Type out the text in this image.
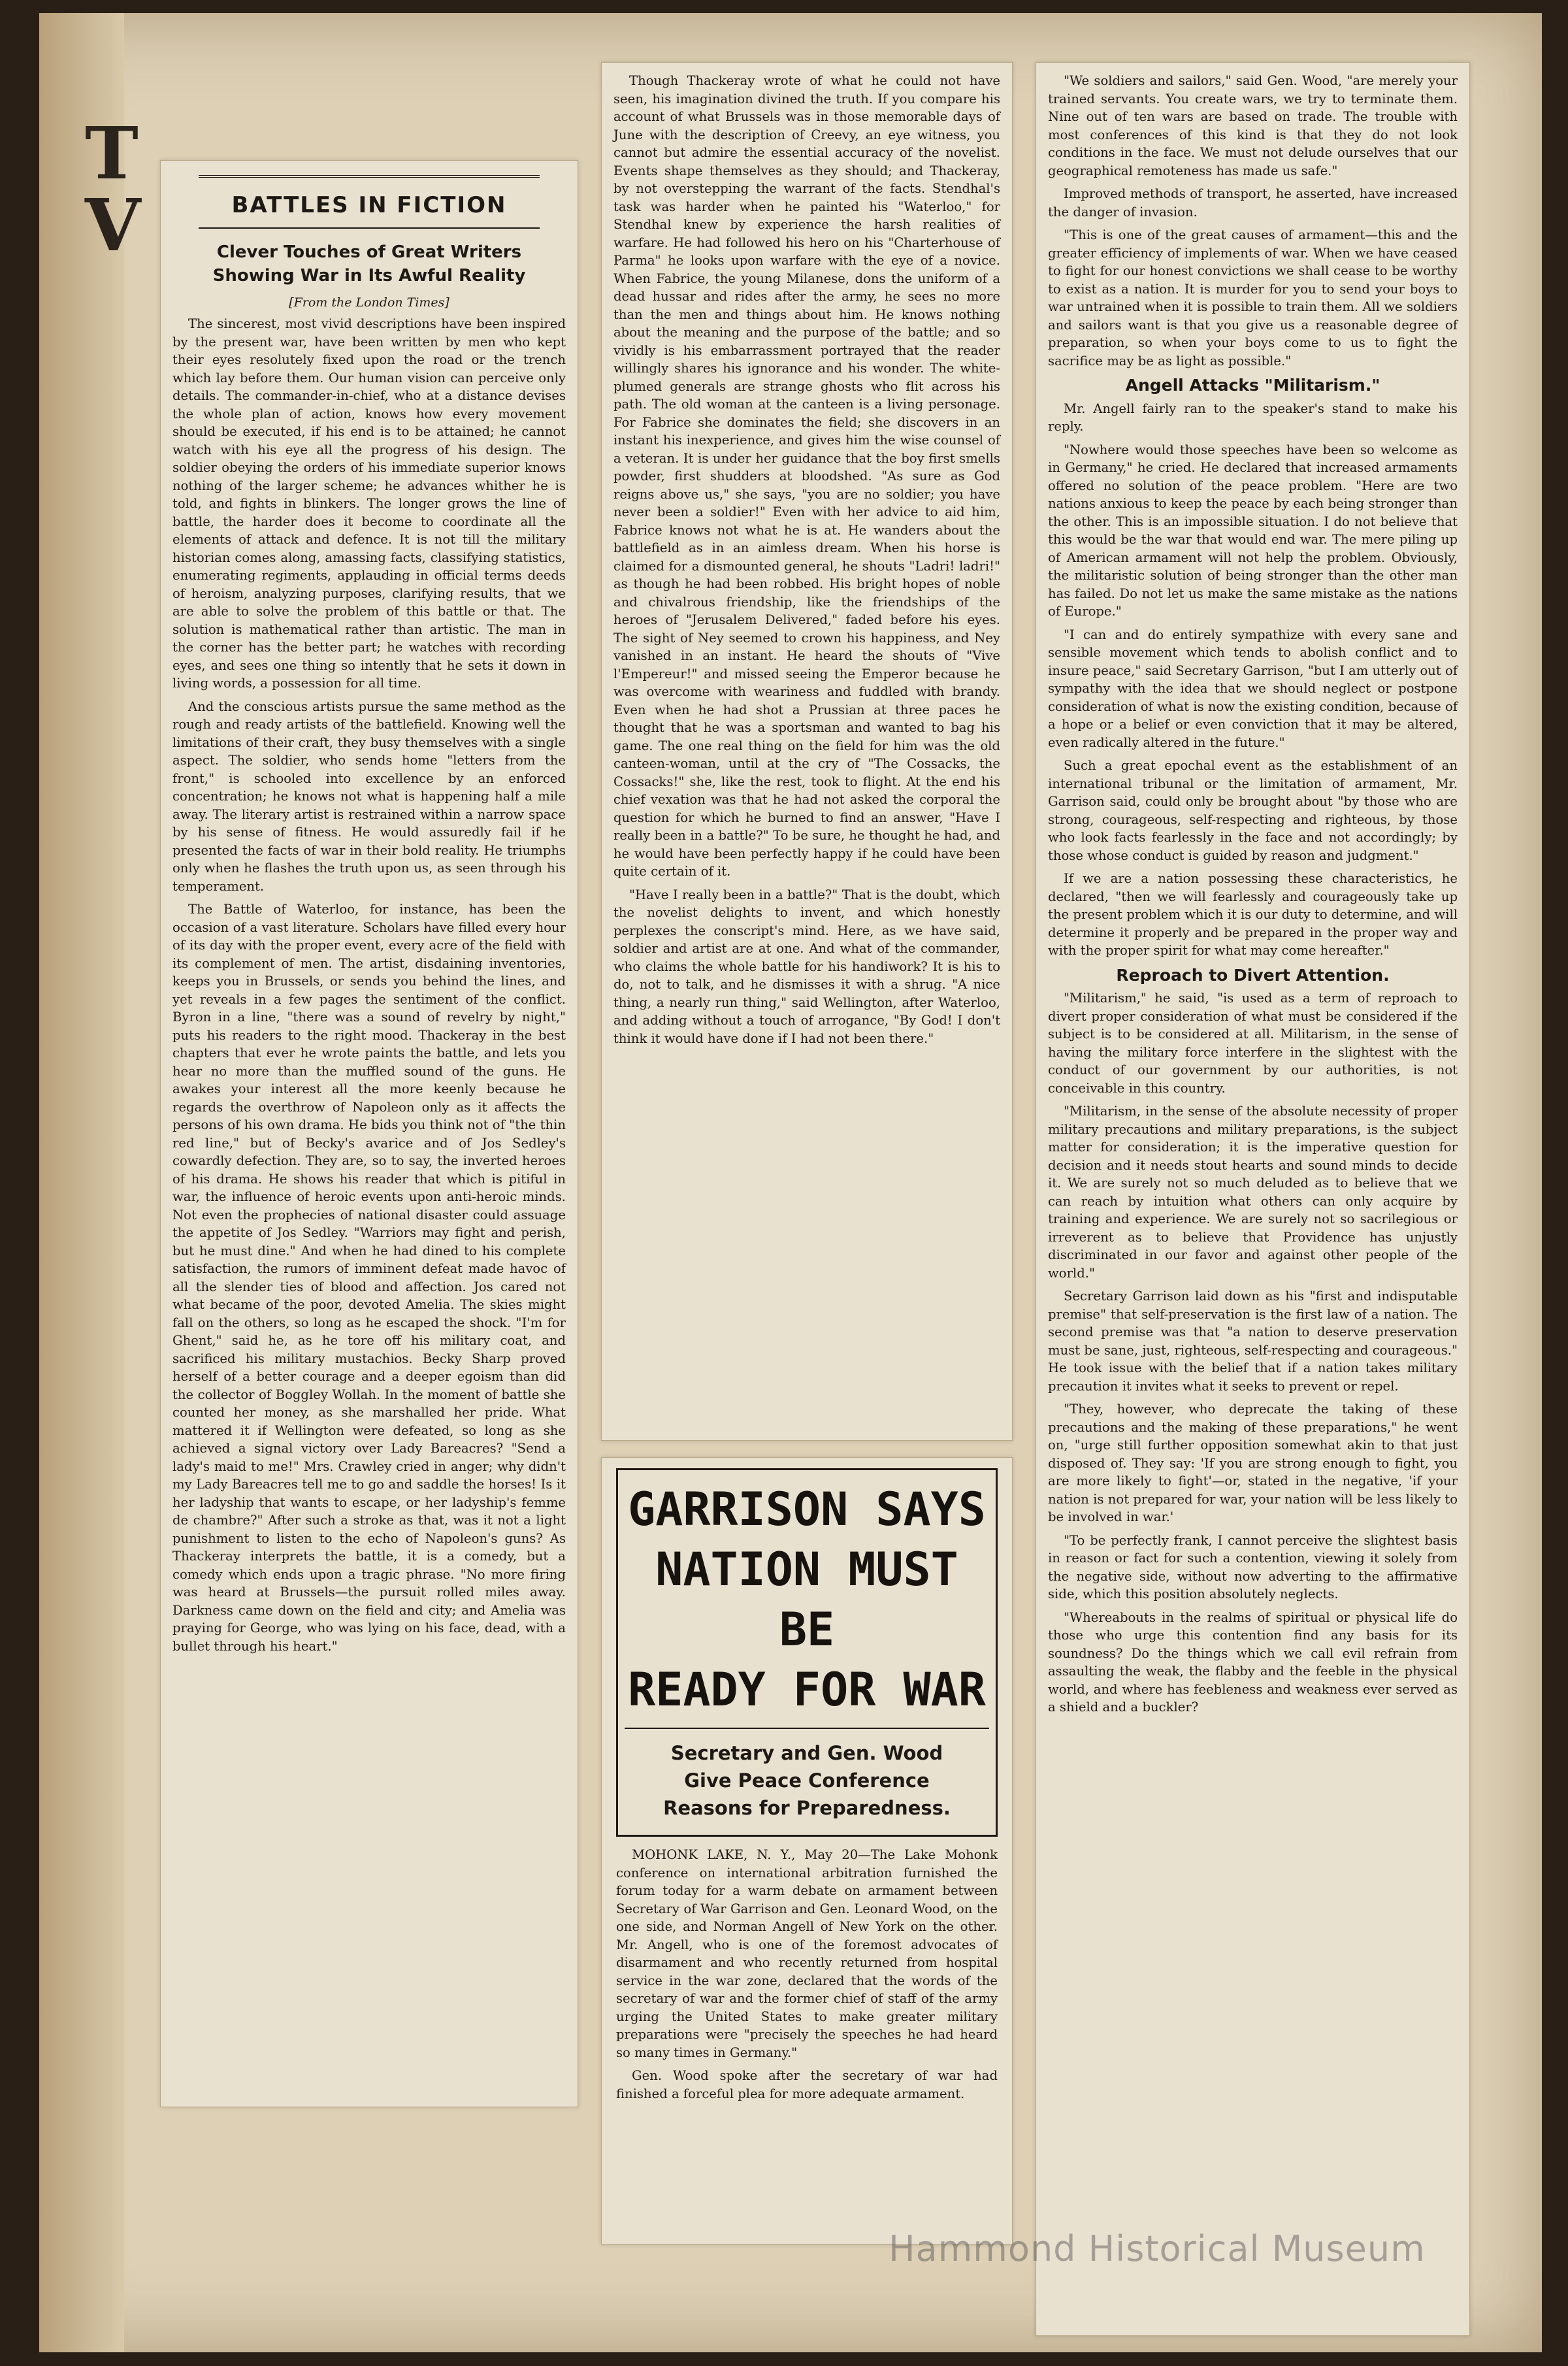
T
V	BATTLES IN FICTION
Clever Touches of Great Writers Showing War in Its Awful Reality
[From the London Times]

The sincerest, most vivid descriptions have been inspired by the present war, have been written by men who kept their eyes resolutely fixed upon the road or the trench which lay before them. Our human vision can perceive only details. The commander-in-chief, who at a distance devises the whole plan of action, knows how every movement should be executed, if his end is to be attained; he cannot watch with his eye all the progress of his design. The soldier obeying the orders of his immediate superior knows nothing of the larger scheme; he advances whither he is told, and fights in blinkers. The longer grows the line of battle, the harder does it become to coordinate all the elements of attack and defence. It is not till the military historian comes along, amassing facts, classifying statistics, enumerating regiments, applauding in official terms deeds of heroism, analyzing purposes, clarifying results, that we are able to solve the problem of this battle or that. The solution is mathematical rather than artistic. The man in the corner has the better part; he watches with recording eyes, and sees one thing so intently that he sets it down in living words, a possession for all time.

And the conscious artists pursue the same method as the rough and ready artists of the battlefield. Knowing well the limitations of their craft, they busy themselves with a single aspect. The soldier, who sends home "letters from the front," is schooled into excellence by an enforced concentration; he knows not what is happening half a mile away. The literary artist is restrained within a narrow space by his sense of fitness. He would assuredly fail if he presented the facts of war in their bold reality. He triumphs only when he flashes the truth upon us, as seen through his temperament.

The Battle of Waterloo, for instance, has been the occasion of a vast literature. Scholars have filled every hour of its day with the proper event, every acre of the field with its complement of men. The artist, disdaining inventories, keeps you in Brussels, or sends you behind the lines, and yet reveals in a few pages the sentiment of the conflict. Byron in a line, "there was a sound of revelry by night," puts his readers to the right mood. Thackeray in the best chapters that ever he wrote paints the battle, and lets you hear no more than the muffled sound of the guns. He awakes your interest all the more keenly because he regards the overthrow of Napoleon only as it affects the persons of his own drama. He bids you think not of "the thin red line," but of Becky's avarice and of Jos Sedley's cowardly defection. They are, so to say, the inverted heroes of his drama. He shows his reader that which is pitiful in war, the influence of heroic events upon anti-heroic minds. Not even the prophecies of national disaster could assuage the appetite of Jos Sedley. "Warriors may fight and perish, but he must dine." And when he had dined to his complete satisfaction, the rumors of imminent defeat made havoc of all the slender ties of blood and affection. Jos cared not what became of the poor, devoted Amelia. The skies might fall on the others, so long as he escaped the shock. "I'm for Ghent," said he, as he tore off his military coat, and sacrificed his military mustachios. Becky Sharp proved herself of a better courage and a deeper egoism than did the collector of Boggley Wollah. In the moment of battle she counted her money, as she marshalled her pride. What mattered it if Wellington were defeated, so long as she achieved a signal victory over Lady Bareacres? "Send a lady's maid to me!" Mrs. Crawley cried in anger; why didn't my Lady Bareacres tell me to go and saddle the horses! Is it her ladyship that wants to escape, or her ladyship's femme de chambre?" After such a stroke as that, was it not a light punishment to listen to the echo of Napoleon's guns? As Thackeray interprets the battle, it is a comedy, but a comedy which ends upon a tragic phrase. "No more firing was heard at Brussels—the pursuit rolled miles away. Darkness came down on the field and city; and Amelia was praying for George, who was lying on his face, dead, with a bullet through his heart."

Though Thackeray wrote of what he could not have seen, his imagination divined the truth. If you compare his account of what Brussels was in those memorable days of June with the description of Creevy, an eye witness, you cannot but admire the essential accuracy of the novelist. Events shape themselves as they should; and Thackeray, by not overstepping the warrant of the facts. Stendhal's task was harder when he painted his "Waterloo," for Stendhal knew by experience the harsh realities of warfare. He had followed his hero on his "Charterhouse of Parma" he looks upon warfare with the eye of a novice. When Fabrice, the young Milanese, dons the uniform of a dead hussar and rides after the army, he sees no more than the men and things about him. He knows nothing about the meaning and the purpose of the battle; and so vividly is his embarrassment portrayed that the reader willingly shares his ignorance and his wonder. The white-plumed generals are strange ghosts who flit across his path. The old woman at the canteen is a living personage. For Fabrice she dominates the field; she discovers in an instant his inexperience, and gives him the wise counsel of a veteran. It is under her guidance that the boy first smells powder, first shudders at bloodshed. "As sure as God reigns above us," she says, "you are no soldier; you have never been a soldier!" Even with her advice to aid him, Fabrice knows not what he is at. He wanders about the battlefield as in an aimless dream. When his horse is claimed for a dismounted general, he shouts "Ladri! ladri!" as though he had been robbed. His bright hopes of noble and chivalrous friendship, like the friendships of the heroes of "Jerusalem Delivered," faded before his eyes. The sight of Ney seemed to crown his happiness, and Ney vanished in an instant. He heard the shouts of "Vive l'Empereur!" and missed seeing the Emperor because he was overcome with weariness and fuddled with brandy. Even when he had shot a Prussian at three paces he thought that he was a sportsman and wanted to bag his game. The one real thing on the field for him was the old canteen-woman, until at the cry of "The Cossacks, the Cossacks!" she, like the rest, took to flight. At the end his chief vexation was that he had not asked the corporal the question for which he burned to find an answer, "Have I really been in a battle?" To be sure, he thought he had, and he would have been perfectly happy if he could have been quite certain of it.

"Have I really been in a battle?" That is the doubt, which the novelist delights to invent, and which honestly perplexes the conscript's mind. Here, as we have said, soldier and artist are at one. And what of the commander, who claims the whole battle for his handiwork? It is his to do, not to talk, and he dismisses it with a shrug. "A nice thing, a nearly run thing," said Wellington, after Waterloo, and adding without a touch of arrogance, "By God! I don't think it would have done if I had not been there."

GARRISON SAYS
NATION MUST BE
READY FOR WAR
Secretary and Gen. Wood Give Peace Conference Reasons for Preparedness.

MOHONK LAKE, N. Y., May 20—The Lake Mohonk conference on international arbitration furnished the forum today for a warm debate on armament between Secretary of War Garrison and Gen. Leonard Wood, on the one side, and Norman Angell of New York on the other. Mr. Angell, who is one of the foremost advocates of disarmament and who recently returned from hospital service in the war zone, declared that the words of the secretary of war and the former chief of staff of the army urging the United States to make greater military preparations were "precisely the speeches he had heard so many times in Germany."

Gen. Wood spoke after the secretary of war had finished a forceful plea for more adequate armament.

"We soldiers and sailors," said Gen. Wood, "are merely your trained servants. You create wars, we try to terminate them. Nine out of ten wars are based on trade. The trouble with most conferences of this kind is that they do not look conditions in the face. We must not delude ourselves that our geographical remoteness has made us safe."

Improved methods of transport, he asserted, have increased the danger of invasion.

"This is one of the great causes of armament—this and the greater efficiency of implements of war. When we have ceased to fight for our honest convictions we shall cease to be worthy to exist as a nation. It is murder for you to send your boys to war untrained when it is possible to train them. All we soldiers and sailors want is that you give us a reasonable degree of preparation, so when your boys come to us to fight the sacrifice may be as light as possible."

Angell Attacks "Militarism."

Mr. Angell fairly ran to the speaker's stand to make his reply.

"Nowhere would those speeches have been so welcome as in Germany," he cried. He declared that increased armaments offered no solution of the peace problem. "Here are two nations anxious to keep the peace by each being stronger than the other. This is an impossible situation. I do not believe that this would be the war that would end war. The mere piling up of American armament will not help the problem. Obviously, the militaristic solution of being stronger than the other man has failed. Do not let us make the same mistake as the nations of Europe."

"I can and do entirely sympathize with every sane and sensible movement which tends to abolish conflict and to insure peace," said Secretary Garrison, "but I am utterly out of sympathy with the idea that we should neglect or postpone consideration of what is now the existing condition, because of a hope or a belief or even conviction that it may be altered, even radically altered in the future."

Such a great epochal event as the establishment of an international tribunal or the limitation of armament, Mr. Garrison said, could only be brought about "by those who are strong, courageous, self-respecting and righteous, by those who look facts fearlessly in the face and not accordingly; by those whose conduct is guided by reason and judgment."

If we are a nation possessing these characteristics, he declared, "then we will fearlessly and courageously take up the present problem which it is our duty to determine, and will determine it properly and be prepared in the proper way and with the proper spirit for what may come hereafter."

Reproach to Divert Attention.

"Militarism," he said, "is used as a term of reproach to divert proper consideration of what must be considered if the subject is to be considered at all. Militarism, in the sense of having the military force interfere in the slightest with the conduct of our government by our authorities, is not conceivable in this country.

"Militarism, in the sense of the absolute necessity of proper military precautions and military preparations, is the subject matter for consideration; it is the imperative question for decision and it needs stout hearts and sound minds to decide it. We are surely not so much deluded as to believe that we can reach by intuition what others can only acquire by training and experience. We are surely not so sacrilegious or irreverent as to believe that Providence has unjustly discriminated in our favor and against other people of the world."

Secretary Garrison laid down as his "first and indisputable premise" that self-preservation is the first law of a nation. The second premise was that "a nation to deserve preservation must be sane, just, righteous, self-respecting and courageous." He took issue with the belief that if a nation takes military precaution it invites what it seeks to prevent or repel.

"They, however, who deprecate the taking of these precautions and the making of these preparations," he went on, "urge still further opposition somewhat akin to that just disposed of. They say: 'If you are strong enough to fight, you are more likely to fight'—or, stated in the negative, 'if your nation is not prepared for war, your nation will be less likely to be involved in war.'

"To be perfectly frank, I cannot perceive the slightest basis in reason or fact for such a contention, viewing it solely from the negative side, without now adverting to the affirmative side, which this position absolutely neglects.

"Whereabouts in the realms of spiritual or physical life do those who urge this contention find any basis for its soundness? Do the things which we call evil refrain from assaulting the weak, the flabby and the feeble in the physical world, and where has feebleness and weakness ever served as a shield and a buckler?

Hammond Historical Museum
